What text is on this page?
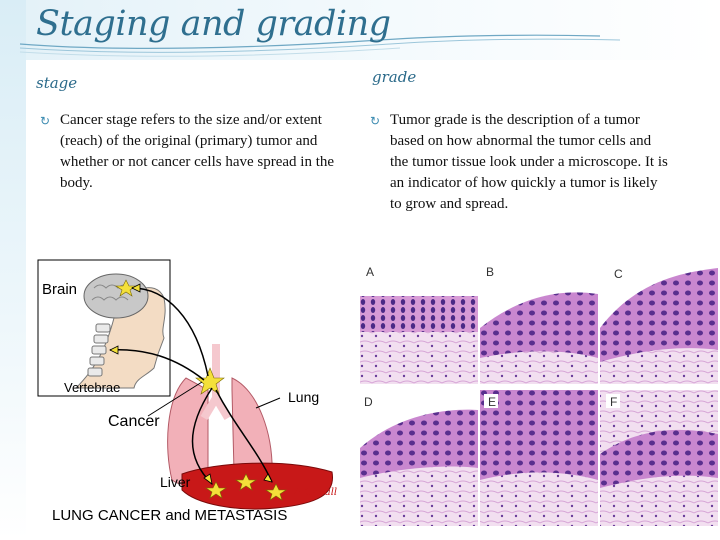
Staging and grading
stage	grade
↻ Cancer stage refers to the size and/or extent (reach) of the original (primary) tumor and whether or not cancer cells have spread in the body.

↻ Tumor grade is the description of a tumor based on how abnormal the tumor cells and the tumor tissue look under a microscope. It is an indicator of how quickly a tumor is likely to grow and spread.

Brain
Vertebrae
Lung
Cancer
Liver
A.Gneall
LUNG CANCER and METASTASIS
A	B	C
D	E	F
